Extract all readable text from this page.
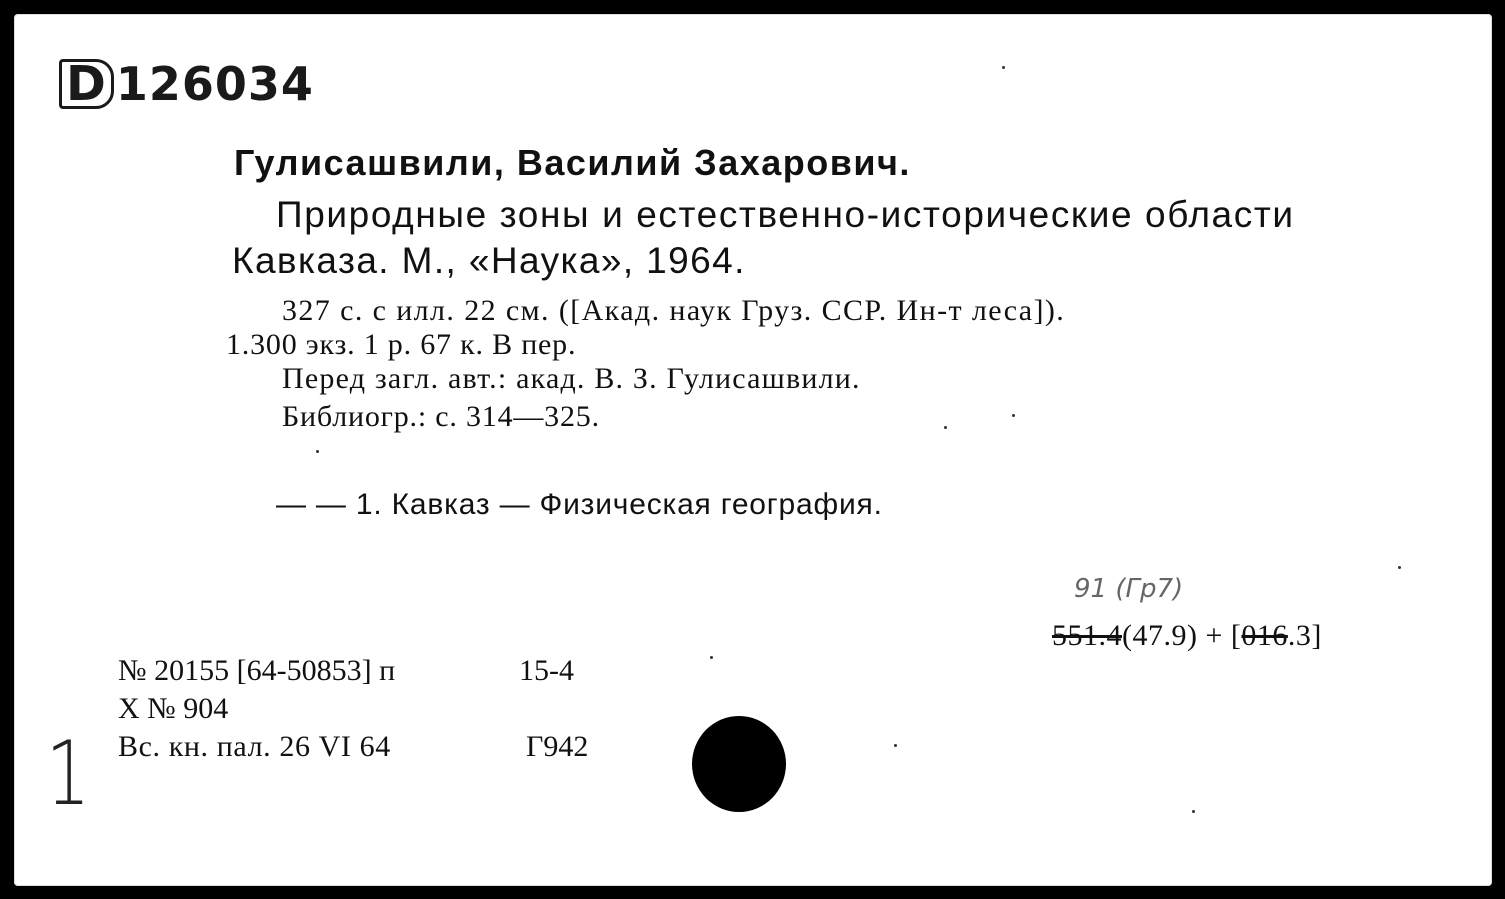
D 126034
Гулисашвили, Василий Захарович.
Природные зоны и естественно-исторические области
Кавказа. М., «Наука», 1964.
327 с. с илл. 22 см. ([Акад. наук Груз. ССР. Ин-т леса]).
1.300 экз. 1 р. 67 к. В пер.
Перед загл. авт.: акад. В. З. Гулисашвили.
Библиогр.: с. 314—325.
— — 1. Кавказ — Физическая география.
91 (Гр7)
551.4(47.9) + [016.3]
№ 20155 [64-50853] п	15-4
X № 904
Вс. кн. пал. 26 VI 64	Г942
1
